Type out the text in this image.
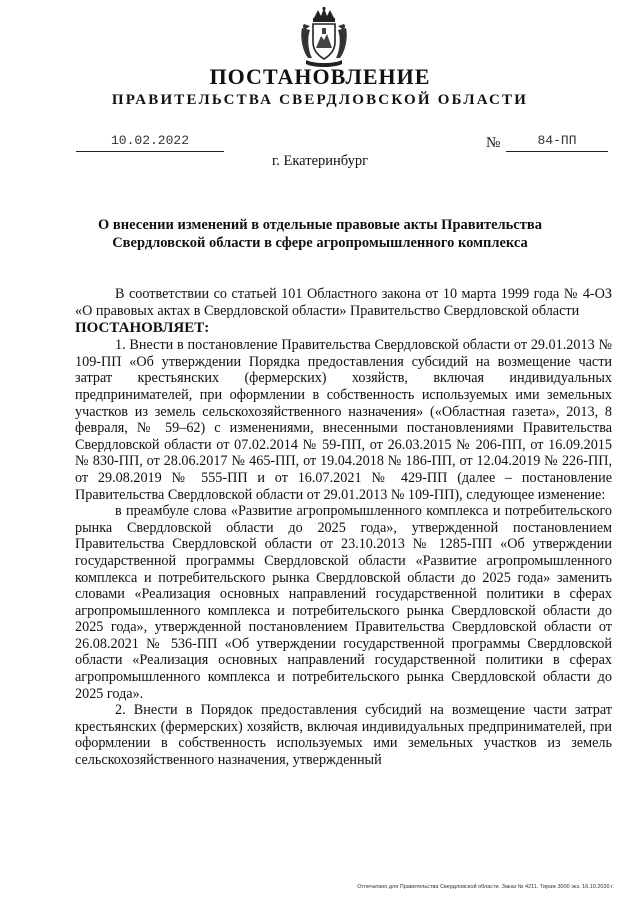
ПОСТАНОВЛЕНИЕ
ПРАВИТЕЛЬСТВА СВЕРДЛОВСКОЙ ОБЛАСТИ
10.02.2022	№	84-ПП
г. Екатеринбург
О внесении изменений в отдельные правовые акты Правительства Свердловской области в сфере агропромышленного комплекса

В соответствии со статьей 101 Областного закона от 10 марта 1999 года № 4-ОЗ «О правовых актах в Свердловской области» Правительство Свердловской области

ПОСТАНОВЛЯЕТ:

1. Внести в постановление Правительства Свердловской области от 29.01.2013 № 109-ПП «Об утверждении Порядка предоставления субсидий на возмещение части затрат крестьянских (фермерских) хозяйств, включая индивидуальных предпринимателей, при оформлении в собственность используемых ими земельных участков из земель сельскохозяйственного назначения» («Областная газета», 2013, 8 февраля, № 59–62) с изменениями, внесенными постановлениями Правительства Свердловской области от 07.02.2014 № 59-ПП, от 26.03.2015 № 206-ПП, от 16.09.2015 № 830-ПП, от 28.06.2017 № 465-ПП, от 19.04.2018 № 186-ПП, от 12.04.2019 № 226-ПП, от 29.08.2019 № 555-ПП и от 16.07.2021 № 429-ПП (далее – постановление Правительства Свердловской области от 29.01.2013 № 109-ПП), следующее изменение:

в преамбуле слова «Развитие агропромышленного комплекса и потребительского рынка Свердловской области до 2025 года», утвержденной постановлением Правительства Свердловской области от 23.10.2013 № 1285-ПП «Об утверждении государственной программы Свердловской области «Развитие агропромышленного комплекса и потребительского рынка Свердловской области до 2025 года» заменить словами «Реализация основных направлений государственной политики в сферах агропромышленного комплекса и потребительского рынка Свердловской области до 2025 года», утвержденной постановлением Правительства Свердловской области от 26.08.2021 № 536-ПП «Об утверждении государственной программы Свердловской области «Реализация основных направлений государственной политики в сферах агропромышленного комплекса и потребительского рынка Свердловской области до 2025 года».

2. Внести в Порядок предоставления субсидий на возмещение части затрат крестьянских (фермерских) хозяйств, включая индивидуальных предпринимателей, при оформлении в собственность используемых ими земельных участков из земель сельскохозяйственного назначения, утвержденный

Отпечатано для Правительства Свердловской области. Заказ № 4211. Тираж 3000 экз. 16.10.2020 г.
